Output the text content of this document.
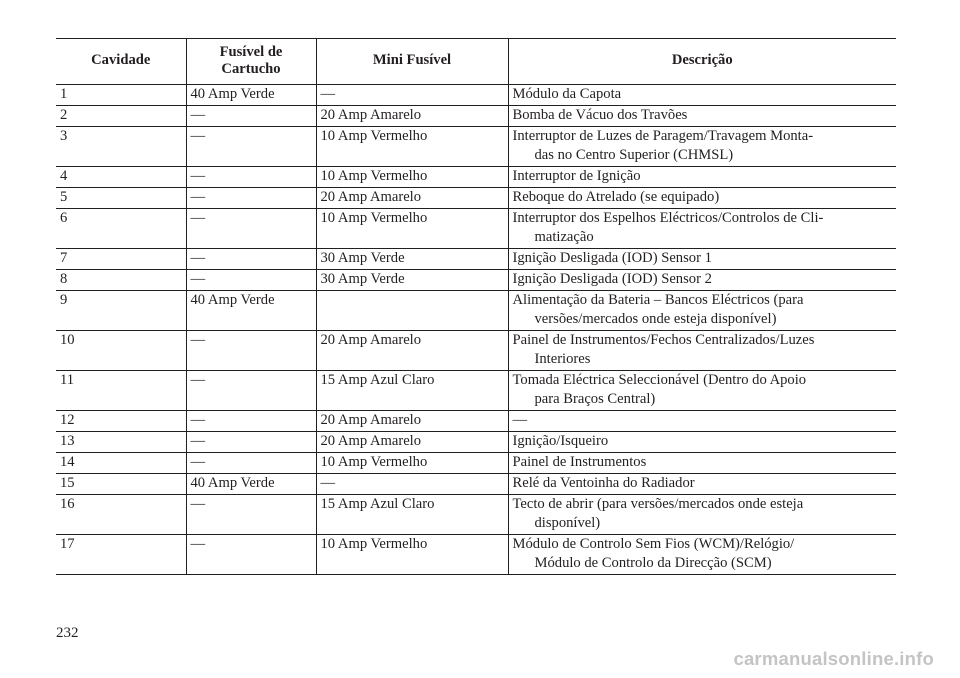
Cavidade	Fusível de Cartucho	Mini Fusível	Descrição
1	40 Amp Verde	—	Módulo da Capota

2	—	20 Amp Amarelo	Bomba de Vácuo dos Travões

3	—	10 Amp Vermelho	Interruptor de Luzes de Paragem/Travagem Monta-
das no Centro Superior (CHMSL)

4	—	10 Amp Vermelho	Interruptor de Ignição

5	—	20 Amp Amarelo	Reboque do Atrelado (se equipado)

6	—	10 Amp Vermelho	Interruptor dos Espelhos Eléctricos/Controlos de Cli-
matização

7	—	30 Amp Verde	Ignição Desligada (IOD) Sensor 1

8	—	30 Amp Verde	Ignição Desligada (IOD) Sensor 2

9	40 Amp Verde		Alimentação da Bateria – Bancos Eléctricos (para
versões/mercados onde esteja disponível)

10	—	20 Amp Amarelo	Painel de Instrumentos/Fechos Centralizados/Luzes
Interiores

11	—	15 Amp Azul Claro	Tomada Eléctrica Seleccionável (Dentro do Apoio
para Braços Central)

12	—	20 Amp Amarelo	—

13	—	20 Amp Amarelo	Ignição/Isqueiro

14	—	10 Amp Vermelho	Painel de Instrumentos

15	40 Amp Verde	—	Relé da Ventoinha do Radiador

16	—	15 Amp Azul Claro	Tecto de abrir (para versões/mercados onde esteja
disponível)

17	—	10 Amp Vermelho	Módulo de Controlo Sem Fios (WCM)/Relógio/
Módulo de Controlo da Direcção (SCM)
232
carmanualsonline.info
